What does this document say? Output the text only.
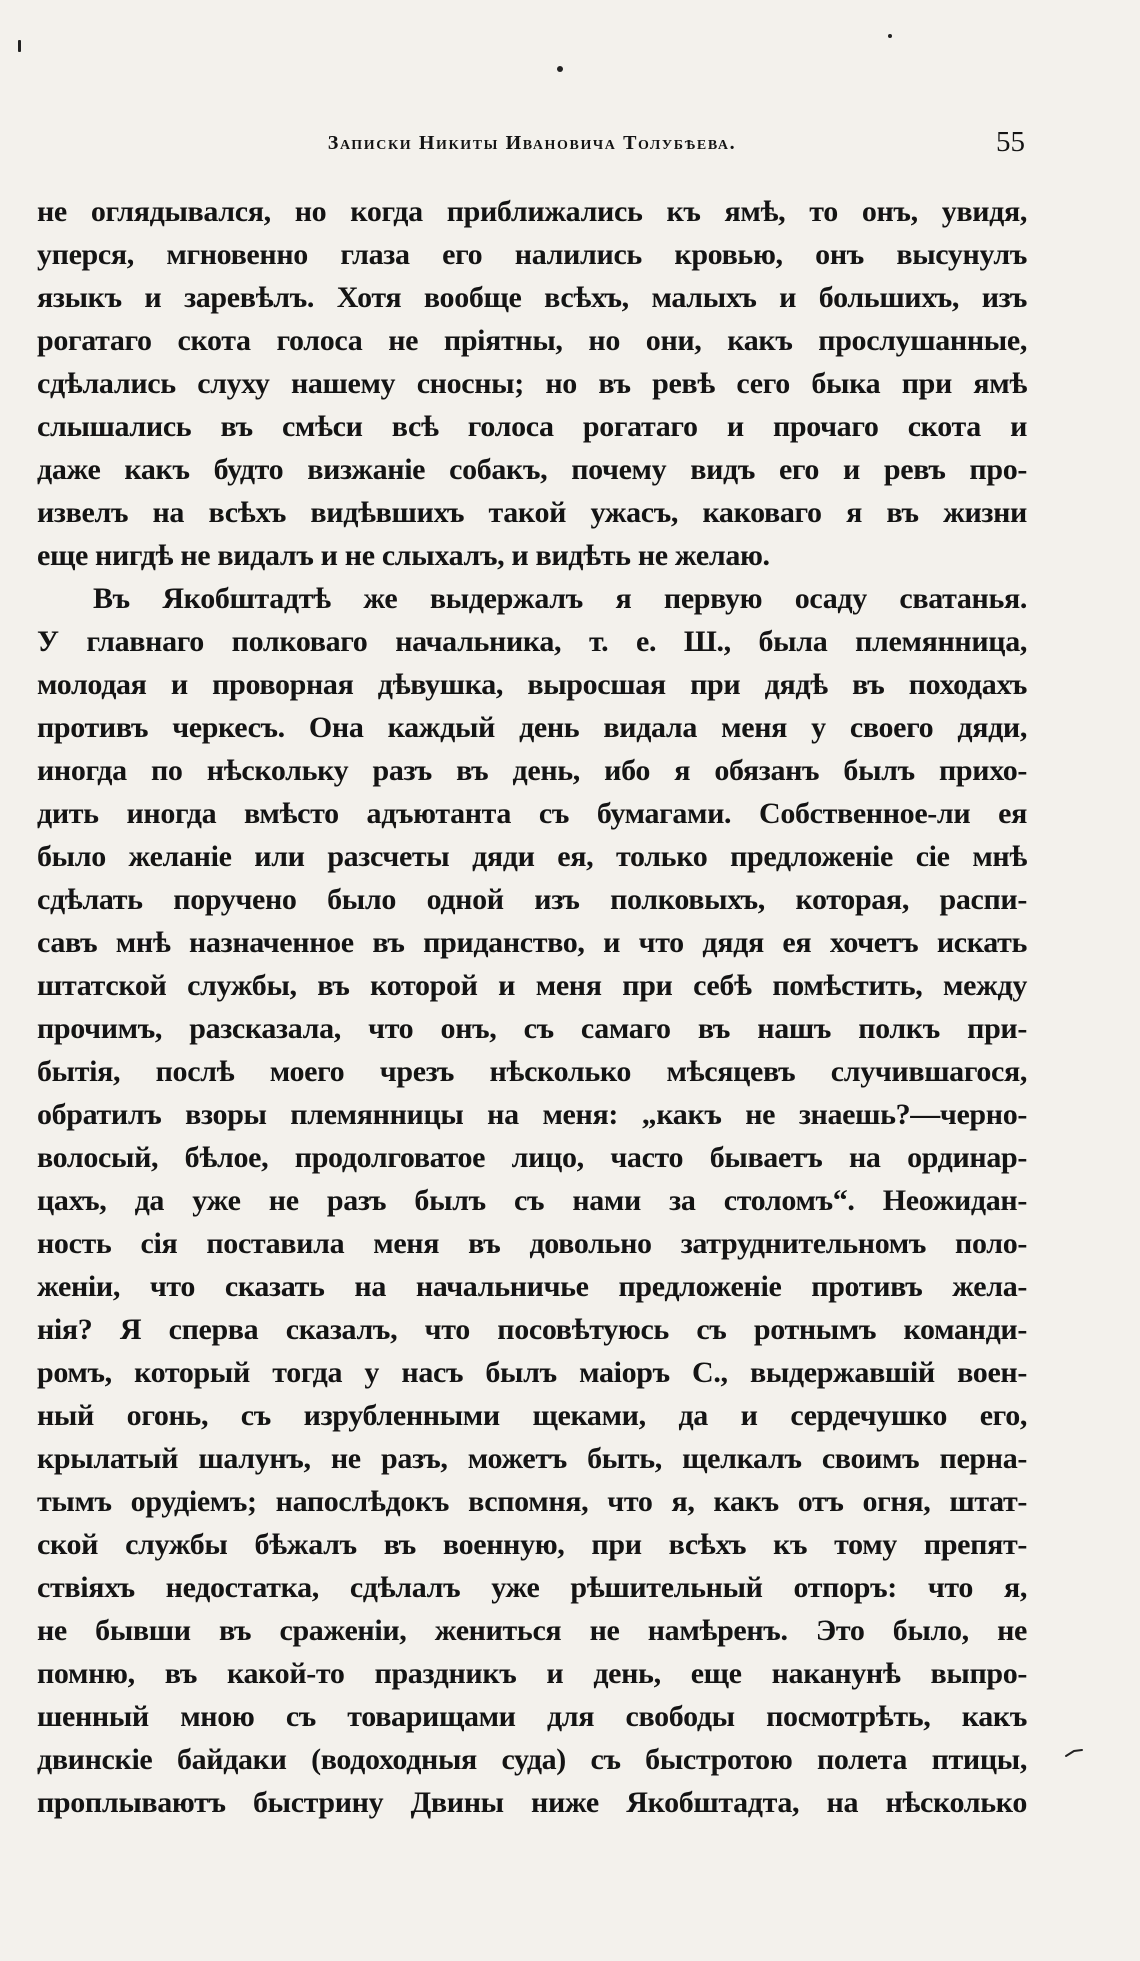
Записки Никиты Ивановича Толубѣева.	55
не оглядывался, но когда приближались къ ямѣ, то онъ, увидя,
уперся, мгновенно глаза его налились кровью, онъ высунулъ
языкъ и заревѣлъ. Хотя вообще всѣхъ, малыхъ и большихъ, изъ
рогатаго скота голоса не пріятны, но они, какъ прослушанные,
сдѣлались слуху нашему сносны; но въ ревѣ сего быка при ямѣ
слышались въ смѣси всѣ голоса рогатаго и прочаго скота и
даже какъ будто визжаніе собакъ, почему видъ его и ревъ про-
извелъ на всѣхъ видѣвшихъ такой ужасъ, каковаго я въ жизни
еще нигдѣ не видалъ и не слыхалъ, и видѣть не желаю.
Въ Якобштадтѣ же выдержалъ я первую осаду сватанья.
У главнаго полковаго начальника, т. е. Ш., была племянница,
молодая и проворная дѣвушка, выросшая при дядѣ въ походахъ
противъ черкесъ. Она каждый день видала меня у своего дяди,
иногда по нѣскольку разъ въ день, ибо я обязанъ былъ прихо-
дить иногда вмѣсто адъютанта съ бумагами. Собственное-ли ея
было желаніе или разсчеты дяди ея, только предложеніе сіе мнѣ
сдѣлать поручено было одной изъ полковыхъ, которая, распи-
савъ мнѣ назначенное въ приданство, и что дядя ея хочетъ искать
штатской службы, въ которой и меня при себѣ помѣстить, между
прочимъ, разсказала, что онъ, съ самаго въ нашъ полкъ при-
бытія, послѣ моего чрезъ нѣсколько мѣсяцевъ случившагося,
обратилъ взоры племянницы на меня: „какъ не знаешь?—черно-
волосый, бѣлое, продолговатое лицо, часто бываетъ на ординар-
цахъ, да уже не разъ былъ съ нами за столомъ“. Неожидан-
ность сія поставила меня въ довольно затруднительномъ поло-
женіи, что сказать на начальничье предложеніе противъ жела-
нія? Я сперва сказалъ, что посовѣтуюсь съ ротнымъ команди-
ромъ, который тогда у насъ былъ маіоръ С., выдержавшій воен-
ный огонь, съ изрубленными щеками, да и сердечушко его,
крылатый шалунъ, не разъ, можетъ быть, щелкалъ своимъ перна-
тымъ орудіемъ; напослѣдокъ вспомня, что я, какъ отъ огня, штат-
ской службы бѣжалъ въ военную, при всѣхъ къ тому препят-
ствіяхъ недостатка, сдѣлалъ уже рѣшительный отпоръ: что я,
не бывши въ сраженіи, жениться не намѣренъ. Это было, не
помню, въ какой-то праздникъ и день, еще наканунѣ выпро-
шенный мною съ товарищами для свободы посмотрѣть, какъ
двинскіе байдаки (водоходныя суда) съ быстротою полета птицы,
проплываютъ быстрину Двины ниже Якобштадта, на нѣсколько
